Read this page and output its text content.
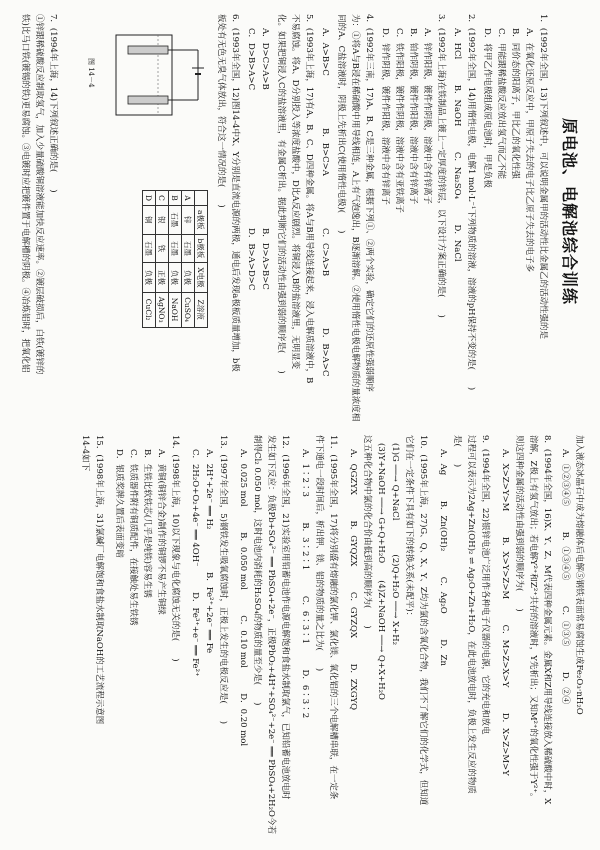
原电池、电解池综合训练
1．(1992年全国，13)下列叙述中，可以说明金属甲的活动性比金属乙的活动性强的是
A．在氧化还原反应中，甲原子失去的电子比乙原子失去的电子多
B．同价态的阳离子，甲比乙的氧化性强
C．甲能跟稀盐酸反应放出氢气而乙不能
D．将甲乙作电极组成原电池时，甲是负极
2．(1992年全国，14)用惰性电极，电解1 mol·L⁻¹下列物质的溶液，溶液的pH保持不变的是(　　)
A．HCl　　　B．NaOH　　　C．Na₂SO₄　　　D．NaCl
3．(1992年上海)在铁制品上镀上一定厚度的锌层，以下设计方案正确的是(　　)
A．锌作阳极，镀件作阴极，溶液中含有锌离子
B．铂作阴极，镀件作阳极，溶液中含有锌离子
C．铁作阳极，镀件作阴极，溶液中含有亚铁离子
D．锌作阴极，镀件作阳极，溶液中含有锌离子
4．(1992年三南，17)A、B、C是三种金属，根据下列①、②两个实验，确定它们的还原性强弱顺序
为：①将A与B浸在稀硫酸中用导线相连，A上有气泡逸出，B逐渐溶解。②使用惰性电极电解物质的量浓度相
同的A、C盐溶液时，阴极上先析出C(使用惰性电极)(　　)
A．A>B>C
B．B>C>A
C．C>A>B
D．B>A>C
5．(1993年上海，17)有A、B、C、D四种金属。将A与B用导线连接起来，浸入电解质溶液中，B
不易腐蚀。将A、D分别投入等浓度盐酸中，D比A反应剧烈。将铜浸入B的盐溶液里，无明显变
化。如果把铜浸入C的盐溶液里，有金属C析出。据此判断它们的活动性由强到弱的顺序是(　　)
A．D>C>A>B
B．D>A>B>C
C．D>B>A>C
D．B>A>D>C
6．(1993年全国，12)图14-4中X、Y分别是直流电源的两极，通电后发现a极板质量增加，b极
板处有无色无臭气体放出，符合这一情况的是(　　)
图 14－4
	a极板	b极板	X电极	Z溶液
A	锌	石墨	负极	CuSO₄
B	石墨	石墨	负极	NaOH
C	银	铁	正极	AgNO₃
D	铜	石墨	负极	CuCl₂
7．(1994年上海，14)下列叙述正确的是(　　)
①锌跟稀硫酸反应制取氢气，加入少量硫酸铜溶液能加快反应速率。②镀层破损后，白铁(镀锌的
铁)比马口铁(镀锡的铁)更易腐蚀。③电镀时应把镀件置于电解槽的阴极。④冶炼铝时，把氧化铝
加入液态冰晶石中成为熔融体后电解⑤钢铁表面常易腐蚀生成Fe₂O₃·nH₂O
A．①②③④⑤　　　B．①③④⑤　　　C．①③⑤　　　D．②④
8．(1994年全国，16)X、Y、Z、M代表四种金属元素。金属X和Z用导线连接放入稀硫酸中时，X
溶解，Z极上有氢气放出；若电解Y²⁺和Z²⁺共存的溶液时，Y先析出；又知M²⁺的氧化性强于Y²⁺。
则这四种金属的活动性由强到弱的顺序为(　　)
A．X>Z>Y>M　　　B．X>Y>Z>M　　　C．M>Z>X>Y　　　D．X>Z>M>Y
9．(1994年全国，22)银锌电池广泛用作各种电子仪器的电源，它的充电和放电
过程可以表示为2Ag+Zn(OH)₂ ⇌ Ag₂O+Zn+H₂O，在此电池放电时，负极上发生反应的物质
是(　　)
A．Ag　　　B．Zn(OH)₂　　　C．Ag₂O　　　D．Zn
10．(1995年上海，27)G、Q、X、Y、Z均为氯的含氧化合物，我们不了解它们的化学式，但知道
它们在一定条件下具有如下的转换关系(未配平)：
(1)G ──→ Q+NaCl　　　　(2)Q+H₂O ──→ X+H₂
(3)Y+NaOH ──→ G+Q+H₂O　　(4)Z+NaOH ──→ Q+X+H₂O
这五种化合物中氯的化合价由低到高的顺序为(　　)
A．QGZYX　　　B．GYQZX　　　C．GYZQX　　　D．ZXGYQ
11．(1995年全国，17)将分别盛有熔融的氯化钾、氯化镁、氧化铝的三个电解槽串联，在一定条
件下通电一段时间后，析出钾、镁、铝的物质的量之比为(　　)
A．1∶2∶3　　　B．3∶2∶1　　　C．6∶3∶1　　　D．6∶3∶2
12．(1996年全国，21)实验室用铅蓄电池作电源电解饱和食盐水制取氯气，已知铅蓄电池放电时
发生如下反应：负极Pb+SO₄²⁻ ══ PbSO₄+2e⁻，正极PbO₂+4H⁺+SO₄²⁻+2e⁻ ══ PbSO₄+2H₂O今若
制得Cl₂ 0.050 mol，这时电池内消耗的H₂SO₄的物质的量至少是(　　)
A．0.025 mol　　　B．0.050 mol　　　C．0.10 mol　　　D．0.20 mol
13．(1997年全国，5)钢铁发生吸氧腐蚀时，正极上发生的电极反应是(　　)
A．2H⁺+2e⁻ ══ H₂　　　　　B．Fe²⁺+2e⁻ ══ Fe
C．2H₂O+O₂+4e⁻ ══ 4OH⁻　　　D．Fe³⁺+e⁻ ══ Fe²⁺
14．(1998年上海，10)以下现象与电化腐蚀无关的是(　　)
A．黄铜(铜锌合金)制作的铜锣不易产生铜绿
B．生铁比软铁芯(几乎是纯铁)容易生锈
C．铁质器件附有铜质配件，在接触处易生铁锈
D．银质奖牌久置后表面变暗
15．(1998年上海，31)氯碱厂电解饱和食盐水制取NaOH的工艺流程示意图
14-4如下
